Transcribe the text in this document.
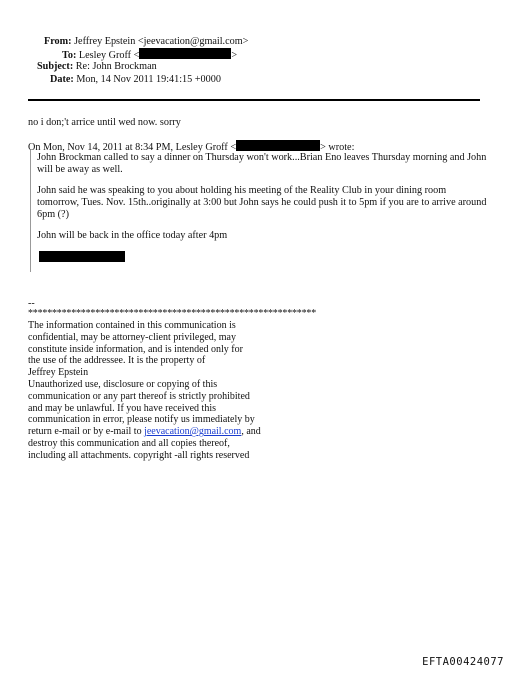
From: Jeffrey Epstein <jeevacation@gmail.com>
To: Lesley Groff <	>
Subject: Re: John Brockman
Date: Mon, 14 Nov 2011 19:41:15 +0000
no i don;'t arrice until wed now. sorry
On Mon, Nov 14, 2011 at 8:34 PM, Lesley Groff <	> wrote:
John Brockman called to say a dinner on Thursday won't work...Brian Eno leaves Thursday morning and John will be away as well.
John said he was speaking to you about holding his meeting of the Reality Club in your dining room tomorrow, Tues. Nov. 15th..originally at 3:00 but John says he could push it to 5pm if you are to arrive around 6pm (?)
John will be back in the office today after 4pm
--
************************************************************
The information contained in this communication is
confidential, may be attorney-client privileged, may
constitute inside information, and is intended only for
the use of the addressee. It is the property of
Jeffrey Epstein
Unauthorized use, disclosure or copying of this
communication or any part thereof is strictly prohibited
and may be unlawful. If you have received this
communication in error, please notify us immediately by
return e-mail or by e-mail to jeevacation@gmail.com, and
destroy this communication and all copies thereof,
including all attachments. copyright -all rights reserved
EFTA00424077
